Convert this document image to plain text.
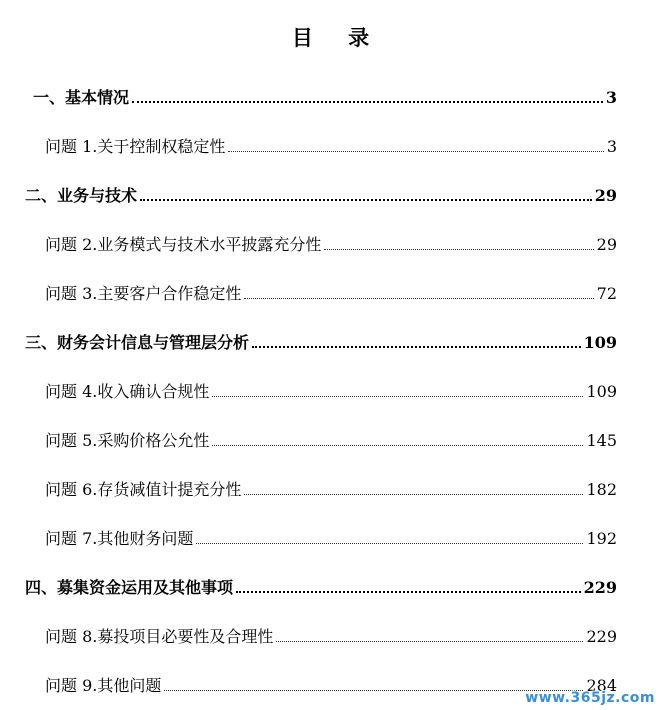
目 录
一、基本情况	3
问题 1.关于控制权稳定性	3
二、业务与技术	29
问题 2.业务模式与技术水平披露充分性	29
问题 3.主要客户合作稳定性	72
三、财务会计信息与管理层分析	109
问题 4.收入确认合规性	109
问题 5.采购价格公允性	145
问题 6.存货减值计提充分性	182
问题 7.其他财务问题	192
四、募集资金运用及其他事项	229
问题 8.募投项目必要性及合理性	229
问题 9.其他问题	284
www.365jz.com
